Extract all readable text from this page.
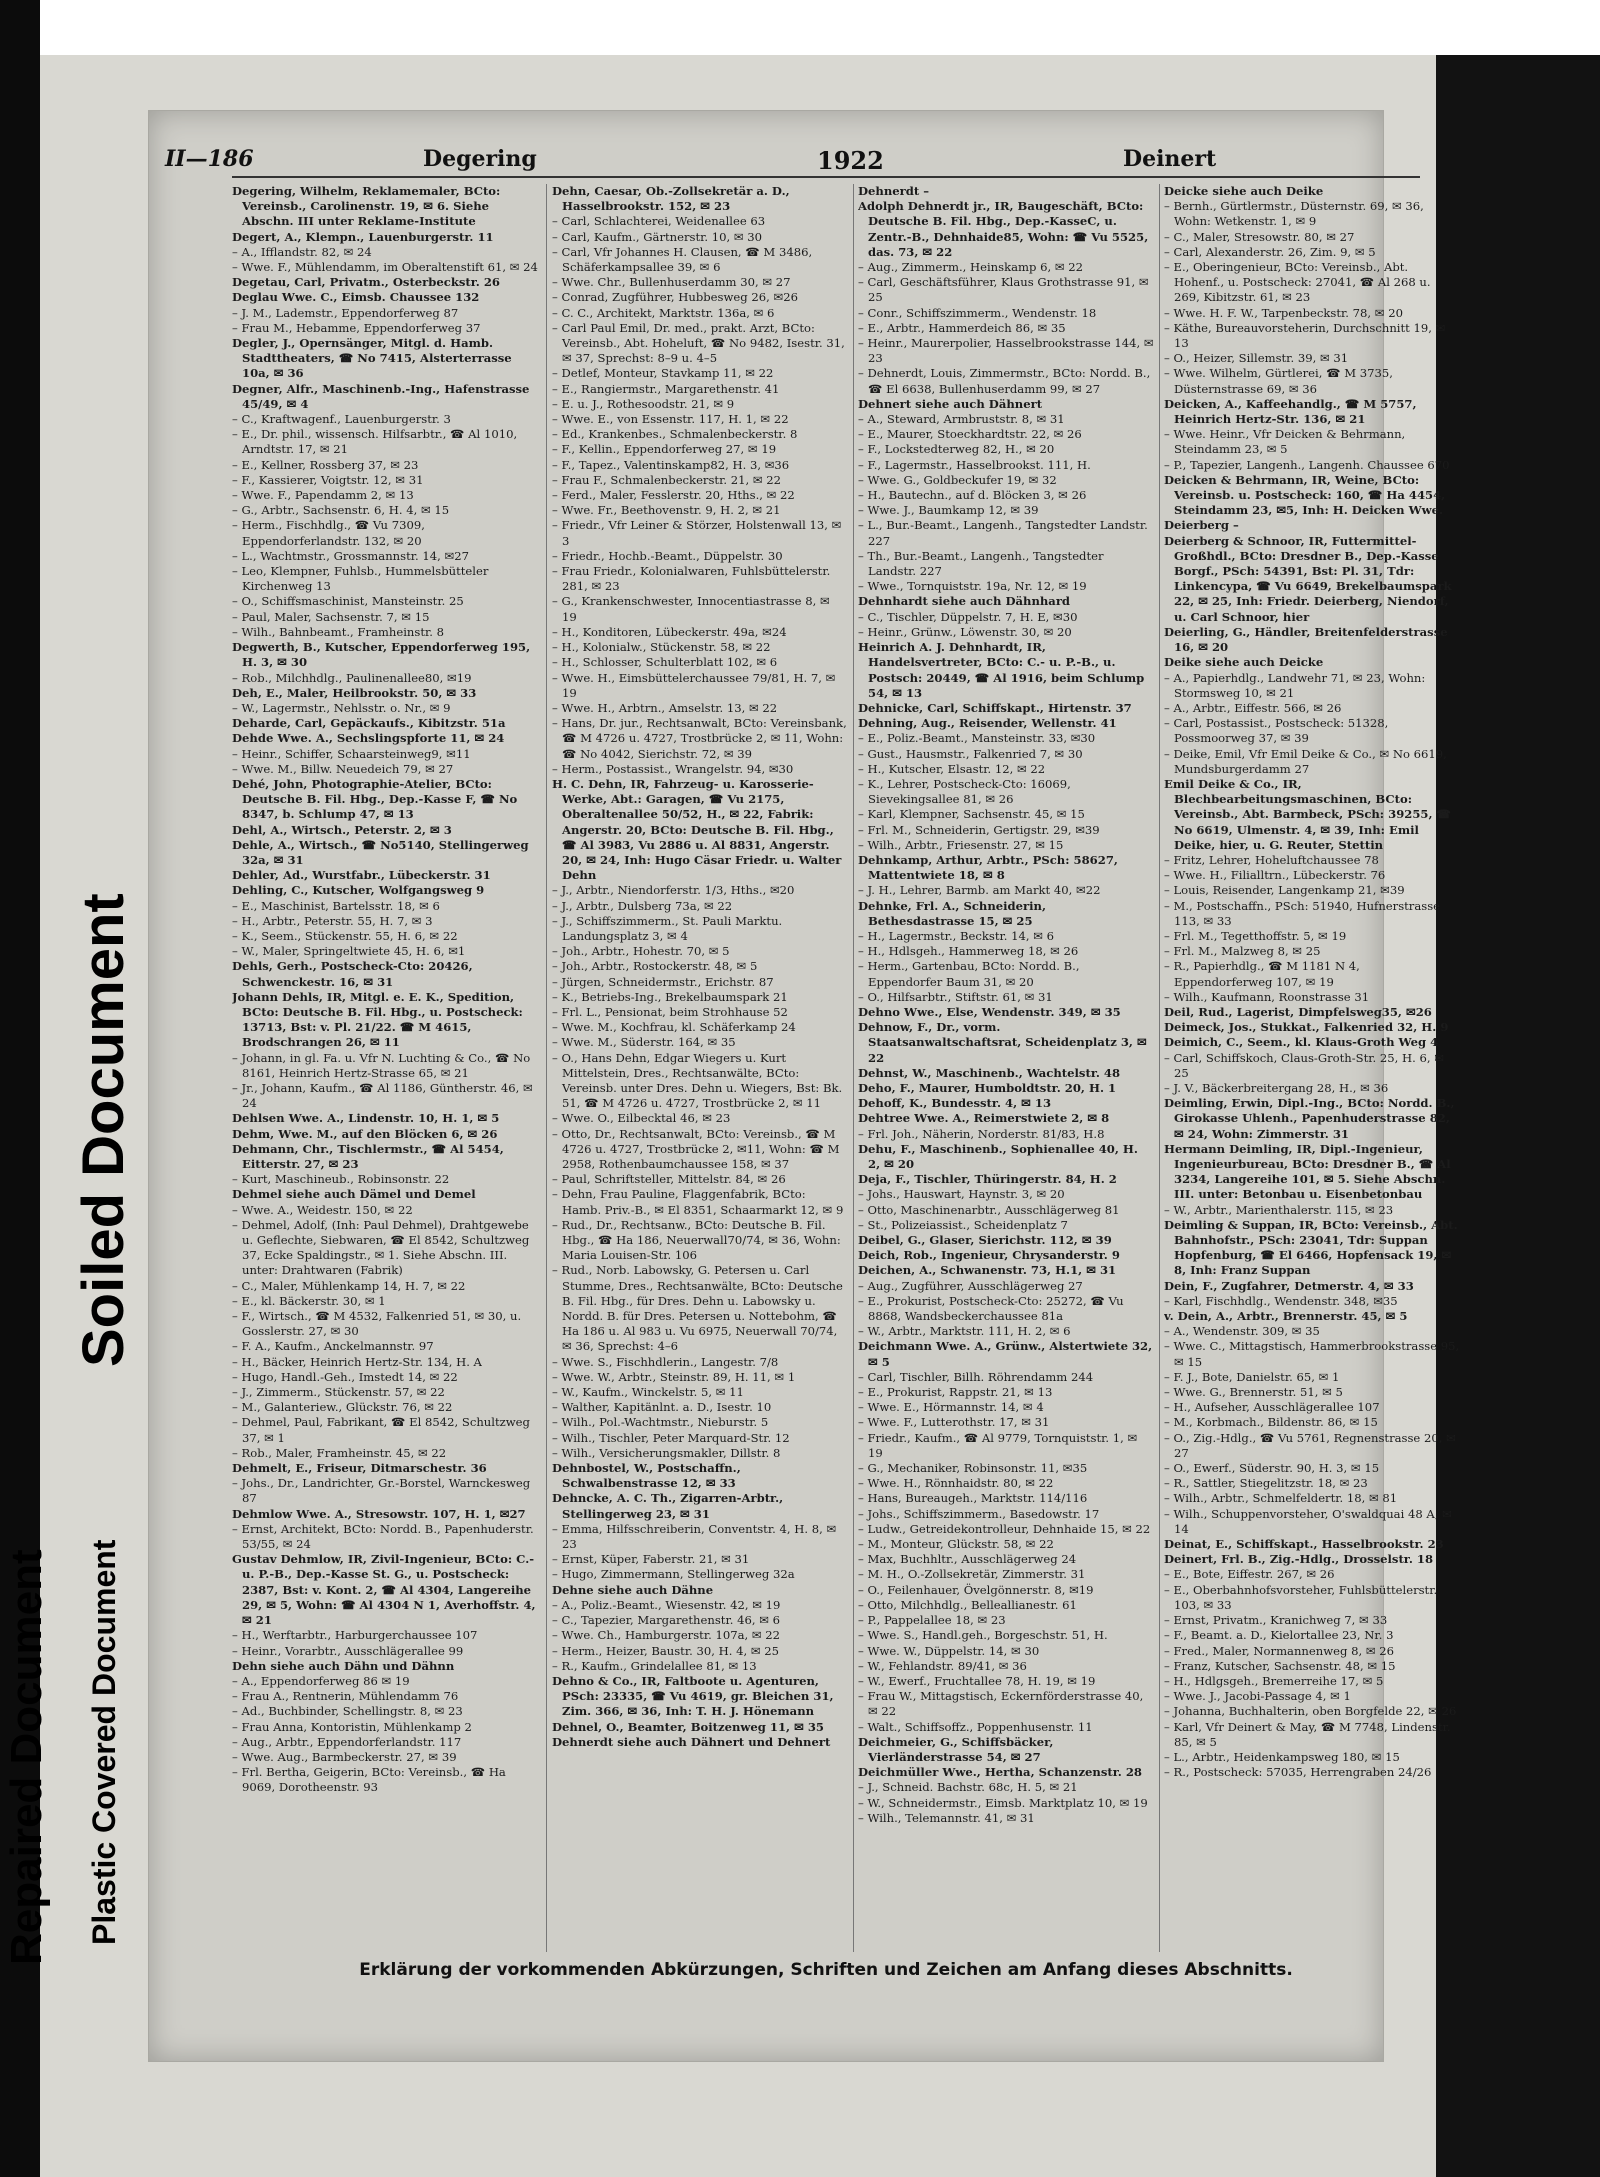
Repaired Document Plastic Covered Document
Soiled Document
II—186	Degering	1922	Deinert

Degering, Wilhelm, Reklamemaler, BCto: Vereinsb., Carolinenstr. 19, ✉ 6. Siehe Abschn. III unter Reklame-Institute

Degert, A., Klempn., Lauenburgerstr. 11

– A., Ifflandstr. 82, ✉ 24

– Wwe. F., Mühlendamm, im Oberaltenstift 61, ✉ 24

Degetau, Carl, Privatm., Osterbeckstr. 26

Deglau Wwe. C., Eimsb. Chaussee 132

– J. M., Lademstr., Eppendorferweg 87

– Frau M., Hebamme, Eppendorferweg 37

Degler, J., Opernsänger, Mitgl. d. Hamb. Stadttheaters, ☎ No 7415, Alsterterrasse 10a, ✉ 36

Degner, Alfr., Maschinenb.-Ing., Hafenstrasse 45/49, ✉ 4

– C., Kraftwagenf., Lauenburgerstr. 3

– E., Dr. phil., wissensch. Hilfsarbtr., ☎ Al 1010, Arndtstr. 17, ✉ 21

– E., Kellner, Rossberg 37, ✉ 23

– F., Kassierer, Voigtstr. 12, ✉ 31

– Wwe. F., Papendamm 2, ✉ 13

– G., Arbtr., Sachsenstr. 6, H. 4, ✉ 15

– Herm., Fischhdlg., ☎ Vu 7309, Eppendorferlandstr. 132, ✉ 20

– L., Wachtmstr., Grossmannstr. 14, ✉27

– Leo, Klempner, Fuhlsb., Hummelsbütteler Kirchenweg 13

– O., Schiffsmaschinist, Mansteinstr. 25

– Paul, Maler, Sachsenstr. 7, ✉ 15

– Wilh., Bahnbeamt., Framheinstr. 8

Degwerth, B., Kutscher, Eppendorferweg 195, H. 3, ✉ 30

– Rob., Milchhdlg., Paulinenallee80, ✉19

Deh, E., Maler, Heilbrookstr. 50, ✉ 33

– W., Lagermstr., Nehlsstr. o. Nr., ✉ 9

Deharde, Carl, Gepäckaufs., Kibitzstr. 51a

Dehde Wwe. A., Sechslingspforte 11, ✉ 24

– Heinr., Schiffer, Schaarsteinweg9, ✉11

– Wwe. M., Billw. Neuedeich 79, ✉ 27

Dehé, John, Photographie-Atelier, BCto: Deutsche B. Fil. Hbg., Dep.-Kasse F, ☎ No 8347, b. Schlump 47, ✉ 13

Dehl, A., Wirtsch., Peterstr. 2, ✉ 3

Dehle, A., Wirtsch., ☎ No5140, Stellingerweg 32a, ✉ 31

Dehler, Ad., Wurstfabr., Lübeckerstr. 31

Dehling, C., Kutscher, Wolfgangsweg 9

– E., Maschinist, Bartelsstr. 18, ✉ 6

– H., Arbtr., Peterstr. 55, H. 7, ✉ 3

– K., Seem., Stückenstr. 55, H. 6, ✉ 22

– W., Maler, Springeltwiete 45, H. 6, ✉1

Dehls, Gerh., Postscheck-Cto: 20426, Schwenckestr. 16, ✉ 31

Johann Dehls, IR, Mitgl. e. E. K., Spedition, BCto: Deutsche B. Fil. Hbg., u. Postscheck: 13713, Bst: v. Pl. 21/22. ☎ M 4615, Brodschrangen 26, ✉ 11

– Johann, in gl. Fa. u. Vfr N. Luchting & Co., ☎ No 8161, Heinrich Hertz-Strasse 65, ✉ 21

– Jr., Johann, Kaufm., ☎ Al 1186, Güntherstr. 46, ✉ 24

Dehlsen Wwe. A., Lindenstr. 10, H. 1, ✉ 5

Dehm, Wwe. M., auf den Blöcken 6, ✉ 26

Dehmann, Chr., Tischlermstr., ☎ Al 5454, Eitterstr. 27, ✉ 23

– Kurt, Maschineub., Robinsonstr. 22

Dehmel siehe auch Dämel und Demel

– Wwe. A., Weidestr. 150, ✉ 22

– Dehmel, Adolf, (Inh: Paul Dehmel), Drahtgewebe u. Geflechte, Siebwaren, ☎ El 8542, Schultzweg 37, Ecke Spaldingstr., ✉ 1. Siehe Abschn. III. unter: Drahtwaren (Fabrik)

– C., Maler, Mühlenkamp 14, H. 7, ✉ 22

– E., kl. Bäckerstr. 30, ✉ 1

– F., Wirtsch., ☎ M 4532, Falkenried 51, ✉ 30, u. Gosslerstr. 27, ✉ 30

– F. A., Kaufm., Anckelmannstr. 97

– H., Bäcker, Heinrich Hertz-Str. 134, H. A

– Hugo, Handl.-Geh., Imstedt 14, ✉ 22

– J., Zimmerm., Stückenstr. 57, ✉ 22

– M., Galanteriew., Glückstr. 76, ✉ 22

– Dehmel, Paul, Fabrikant, ☎ El 8542, Schultzweg 37, ✉ 1

– Rob., Maler, Framheinstr. 45, ✉ 22

Dehmelt, E., Friseur, Ditmarschestr. 36

– Johs., Dr., Landrichter, Gr.-Borstel, Warnckesweg 87

Dehmlow Wwe. A., Stresowstr. 107, H. 1, ✉27

– Ernst, Architekt, BCto: Nordd. B., Papenhuderstr. 53/55, ✉ 24

Gustav Dehmlow, IR, Zivil-Ingenieur, BCto: C.- u. P.-B., Dep.-Kasse St. G., u. Postscheck: 2387, Bst: v. Kont. 2, ☎ Al 4304, Langereihe 29, ✉ 5, Wohn: ☎ Al 4304 N 1, Averhoffstr. 4, ✉ 21

– H., Werftarbtr., Harburgerchaussee 107

– Heinr., Vorarbtr., Ausschlägerallee 99

Dehn siehe auch Dähn und Dähnn

– A., Eppendorferweg 86 ✉ 19

– Frau A., Rentnerin, Mühlendamm 76

– Ad., Buchbinder, Schellingstr. 8, ✉ 23

– Frau Anna, Kontoristin, Mühlenkamp 2

– Aug., Arbtr., Eppendorferlandstr. 117

– Wwe. Aug., Barmbeckerstr. 27, ✉ 39

– Frl. Bertha, Geigerin, BCto: Vereinsb., ☎ Ha 9069, Dorotheenstr. 93

Dehn, Caesar, Ob.-Zollsekretär a. D., Hasselbrookstr. 152, ✉ 23

– Carl, Schlachterei, Weidenallee 63

– Carl, Kaufm., Gärtnerstr. 10, ✉ 30

– Carl, Vfr Johannes H. Clausen, ☎ M 3486, Schäferkampsallee 39, ✉ 6

– Wwe. Chr., Bullenhuserdamm 30, ✉ 27

– Conrad, Zugführer, Hubbesweg 26, ✉26

– C. C., Architekt, Marktstr. 136a, ✉ 6

– Carl Paul Emil, Dr. med., prakt. Arzt, BCto: Vereinsb., Abt. Hoheluft, ☎ No 9482, Isestr. 31, ✉ 37, Sprechst: 8–9 u. 4–5

– Detlef, Monteur, Stavkamp 11, ✉ 22

– E., Rangiermstr., Margarethenstr. 41

– E. u. J., Rothesoodstr. 21, ✉ 9

– Wwe. E., von Essenstr. 117, H. 1, ✉ 22

– Ed., Krankenbes., Schmalenbeckerstr. 8

– F., Kellin., Eppendorferweg 27, ✉ 19

– F., Tapez., Valentinskamp82, H. 3, ✉36

– Frau F., Schmalenbeckerstr. 21, ✉ 22

– Ferd., Maler, Fesslerstr. 20, Hths., ✉ 22

– Wwe. Fr., Beethovenstr. 9, H. 2, ✉ 21

– Friedr., Vfr Leiner & Störzer, Holstenwall 13, ✉ 3

– Friedr., Hochb.-Beamt., Düppelstr. 30

– Frau Friedr., Kolonialwaren, Fuhlsbüttelerstr. 281, ✉ 23

– G., Krankenschwester, Innocentiastrasse 8, ✉ 19

– H., Konditoren, Lübeckerstr. 49a, ✉24

– H., Kolonialw., Stückenstr. 58, ✉ 22

– H., Schlosser, Schulterblatt 102, ✉ 6

– Wwe. H., Eimsbüttelerchaussee 79/81, H. 7, ✉ 19

– Wwe. H., Arbtrn., Amselstr. 13, ✉ 22

– Hans, Dr. jur., Rechtsanwalt, BCto: Vereinsbank, ☎ M 4726 u. 4727, Trostbrücke 2, ✉ 11, Wohn: ☎ No 4042, Sierichstr. 72, ✉ 39

– Herm., Postassist., Wrangelstr. 94, ✉30

H. C. Dehn, IR, Fahrzeug- u. Karosserie-Werke, Abt.: Garagen, ☎ Vu 2175, Oberaltenallee 50/52, H., ✉ 22, Fabrik: Angerstr. 20, BCto: Deutsche B. Fil. Hbg., ☎ Al 3983, Vu 2886 u. Al 8831, Angerstr. 20, ✉ 24, Inh: Hugo Cäsar Friedr. u. Walter Dehn

– J., Arbtr., Niendorferstr. 1/3, Hths., ✉20

– J., Arbtr., Dulsberg 73a, ✉ 22

– J., Schiffszimmerm., St. Pauli Marktu. Landungsplatz 3, ✉ 4

– Joh., Arbtr., Hohestr. 70, ✉ 5

– Joh., Arbtr., Rostockerstr. 48, ✉ 5

– Jürgen, Schneidermstr., Erichstr. 87

– K., Betriebs-Ing., Brekelbaumspark 21

– Frl. L., Pensionat, beim Strohhause 52

– Wwe. M., Kochfrau, kl. Schäferkamp 24

– Wwe. M., Süderstr. 164, ✉ 35

– O., Hans Dehn, Edgar Wiegers u. Kurt Mittelstein, Dres., Rechtsanwälte, BCto: Vereinsb. unter Dres. Dehn u. Wiegers, Bst: Bk. 51, ☎ M 4726 u. 4727, Trostbrücke 2, ✉ 11

– Wwe. O., Eilbecktal 46, ✉ 23

– Otto, Dr., Rechtsanwalt, BCto: Vereinsb., ☎ M 4726 u. 4727, Trostbrücke 2, ✉11, Wohn: ☎ M 2958, Rothenbaumchaussee 158, ✉ 37

– Paul, Schriftsteller, Mittelstr. 84, ✉ 26

– Dehn, Frau Pauline, Flaggenfabrik, BCto: Hamb. Priv.-B., ✉ El 8351, Schaarmarkt 12, ✉ 9

– Rud., Dr., Rechtsanw., BCto: Deutsche B. Fil. Hbg., ☎ Ha 186, Neuerwall70/74, ✉ 36, Wohn: Maria Louisen-Str. 106

– Rud., Norb. Labowsky, G. Petersen u. Carl Stumme, Dres., Rechtsanwälte, BCto: Deutsche B. Fil. Hbg., für Dres. Dehn u. Labowsky u. Nordd. B. für Dres. Petersen u. Nottebohm, ☎ Ha 186 u. Al 983 u. Vu 6975, Neuerwall 70/74, ✉ 36, Sprechst: 4–6

– Wwe. S., Fischhdlerin., Langestr. 7/8

– Wwe. W., Arbtr., Steinstr. 89, H. 11, ✉ 1

– W., Kaufm., Winckelstr. 5, ✉ 11

– Walther, Kapitänlnt. a. D., Isestr. 10

– Wilh., Pol.-Wachtmstr., Nieburstr. 5

– Wilh., Tischler, Peter Marquard-Str. 12

– Wilh., Versicherungsmakler, Dillstr. 8

Dehnbostel, W., Postschaffn., Schwalbenstrasse 12, ✉ 33

Dehncke, A. C. Th., Zigarren-Arbtr., Stellingerweg 23, ✉ 31

– Emma, Hilfsschreiberin, Conventstr. 4, H. 8, ✉ 23

– Ernst, Küper, Faberstr. 21, ✉ 31

– Hugo, Zimmermann, Stellingerweg 32a

Dehne siehe auch Dähne

– A., Poliz.-Beamt., Wiesenstr. 42, ✉ 19

– C., Tapezier, Margarethenstr. 46, ✉ 6

– Wwe. Ch., Hamburgerstr. 107a, ✉ 22

– Herm., Heizer, Baustr. 30, H. 4, ✉ 25

– R., Kaufm., Grindelallee 81, ✉ 13

Dehno & Co., IR, Faltboote u. Agenturen, PSch: 23335, ☎ Vu 4619, gr. Bleichen 31, Zim. 366, ✉ 36, Inh: T. H. J. Hönemann

Dehnel, O., Beamter, Boitzenweg 11, ✉ 35

Dehnerdt siehe auch Dähnert und Dehnert

Dehnerdt –

Adolph Dehnerdt jr., IR, Baugeschäft, BCto: Deutsche B. Fil. Hbg., Dep.-KasseC, u. Zentr.-B., Dehnhaide85, Wohn: ☎ Vu 5525, das. 73, ✉ 22

– Aug., Zimmerm., Heinskamp 6, ✉ 22

– Carl, Geschäftsführer, Klaus Grothstrasse 91, ✉ 25

– Conr., Schiffszimmerm., Wendenstr. 18

– E., Arbtr., Hammerdeich 86, ✉ 35

– Heinr., Maurerpolier, Hasselbrookstrasse 144, ✉ 23

– Dehnerdt, Louis, Zimmermstr., BCto: Nordd. B., ☎ El 6638, Bullenhuserdamm 99, ✉ 27

Dehnert siehe auch Dähnert

– A., Steward, Armbruststr. 8, ✉ 31

– E., Maurer, Stoeckhardtstr. 22, ✉ 26

– F., Lockstedterweg 82, H., ✉ 20

– F., Lagermstr., Hasselbrookst. 111, H.

– Wwe. G., Goldbeckufer 19, ✉ 32

– H., Bautechn., auf d. Blöcken 3, ✉ 26

– Wwe. J., Baumkamp 12, ✉ 39

– L., Bur.-Beamt., Langenh., Tangstedter Landstr. 227

– Th., Bur.-Beamt., Langenh., Tangstedter Landstr. 227

– Wwe., Tornquiststr. 19a, Nr. 12, ✉ 19

Dehnhardt siehe auch Dähnhard

– C., Tischler, Düppelstr. 7, H. E, ✉30

– Heinr., Grünw., Löwenstr. 30, ✉ 20

Heinrich A. J. Dehnhardt, IR, Handelsvertreter, BCto: C.- u. P.-B., u. Postsch: 20449, ☎ Al 1916, beim Schlump 54, ✉ 13

Dehnicke, Carl, Schiffskapt., Hirtenstr. 37

Dehning, Aug., Reisender, Wellenstr. 41

– E., Poliz.-Beamt., Mansteinstr. 33, ✉30

– Gust., Hausmstr., Falkenried 7, ✉ 30

– H., Kutscher, Elsastr. 12, ✉ 22

– K., Lehrer, Postscheck-Cto: 16069, Sievekingsallee 81, ✉ 26

– Karl, Klempner, Sachsenstr. 45, ✉ 15

– Frl. M., Schneiderin, Gertigstr. 29, ✉39

– Wilh., Arbtr., Friesenstr. 27, ✉ 15

Dehnkamp, Arthur, Arbtr., PSch: 58627, Mattentwiete 18, ✉ 8

– J. H., Lehrer, Barmb. am Markt 40, ✉22

Dehnke, Frl. A., Schneiderin, Bethesdastrasse 15, ✉ 25

– H., Lagermstr., Beckstr. 14, ✉ 6

– H., Hdlsgeh., Hammerweg 18, ✉ 26

– Herm., Gartenbau, BCto: Nordd. B., Eppendorfer Baum 31, ✉ 20

– O., Hilfsarbtr., Stiftstr. 61, ✉ 31

Dehno Wwe., Else, Wendenstr. 349, ✉ 35

Dehnow, F., Dr., vorm. Staatsanwaltschaftsrat, Scheidenplatz 3, ✉ 22

Dehnst, W., Maschinenb., Wachtelstr. 48

Deho, F., Maurer, Humboldtstr. 20, H. 1

Dehoff, K., Bundesstr. 4, ✉ 13

Dehtree Wwe. A., Reimerstwiete 2, ✉ 8

– Frl. Joh., Näherin, Norderstr. 81/83, H.8

Dehu, F., Maschinenb., Sophienallee 40, H. 2, ✉ 20

Deja, F., Tischler, Thüringerstr. 84, H. 2

– Johs., Hauswart, Haynstr. 3, ✉ 20

– Otto, Maschinenarbtr., Ausschlägerweg 81

– St., Polizeiassist., Scheidenplatz 7

Deibel, G., Glaser, Sierichstr. 112, ✉ 39

Deich, Rob., Ingenieur, Chrysanderstr. 9

Deichen, A., Schwanenstr. 73, H.1, ✉ 31

– Aug., Zugführer, Ausschlägerweg 27

– E., Prokurist, Postscheck-Cto: 25272, ☎ Vu 8868, Wandsbeckerchaussee 81a

– W., Arbtr., Marktstr. 111, H. 2, ✉ 6

Deichmann Wwe. A., Grünw., Alstertwiete 32, ✉ 5

– Carl, Tischler, Billh. Röhrendamm 244

– E., Prokurist, Rappstr. 21, ✉ 13

– Wwe. E., Hörmannstr. 14, ✉ 4

– Wwe. F., Lutterothstr. 17, ✉ 31

– Friedr., Kaufm., ☎ Al 9779, Tornquiststr. 1, ✉ 19

– G., Mechaniker, Robinsonstr. 11, ✉35

– Wwe. H., Rönnhaidstr. 80, ✉ 22

– Hans, Bureaugeh., Marktstr. 114/116

– Johs., Schiffszimmerm., Basedowstr. 17

– Ludw., Getreidekontrolleur, Dehnhaide 15, ✉ 22

– M., Monteur, Glückstr. 58, ✉ 22

– Max, Buchhltr., Ausschlägerweg 24

– M. H., O.-Zollsekretär, Zimmerstr. 31

– O., Feilenhauer, Övelgönnerstr. 8, ✉19

– Otto, Milchhdlg., Belleallianestr. 61

– P., Pappelallee 18, ✉ 23

– Wwe. S., Handl.geh., Borgeschstr. 51, H.

– Wwe. W., Düppelstr. 14, ✉ 30

– W., Fehlandstr. 89/41, ✉ 36

– W., Ewerf., Fruchtallee 78, H. 19, ✉ 19

– Frau W., Mittagstisch, Eckernförderstrasse 40, ✉ 22

– Walt., Schiffsoffz., Poppenhusenstr. 11

Deichmeier, G., Schiffsbäcker, Vierländerstrasse 54, ✉ 27

Deichmüller Wwe., Hertha, Schanzenstr. 28

– J., Schneid. Bachstr. 68c, H. 5, ✉ 21

– W., Schneidermstr., Eimsb. Marktplatz 10, ✉ 19

– Wilh., Telemannstr. 41, ✉ 31

Deicke siehe auch Deike

– Bernh., Gürtlermstr., Düsternstr. 69, ✉ 36, Wohn: Wetkenstr. 1, ✉ 9

– C., Maler, Stresowstr. 80, ✉ 27

– Carl, Alexanderstr. 26, Zim. 9, ✉ 5

– E., Oberingenieur, BCto: Vereinsb., Abt. Hohenf., u. Postscheck: 27041, ☎ Al 268 u. 269, Kibitzstr. 61, ✉ 23

– Wwe. H. F. W., Tarpenbeckstr. 78, ✉ 20

– Käthe, Bureauvorsteherin, Durchschnitt 19, ✉ 13

– O., Heizer, Sillemstr. 39, ✉ 31

– Wwe. Wilhelm, Gürtlerei, ☎ M 3735, Düsternstrasse 69, ✉ 36

Deicken, A., Kaffeehandlg., ☎ M 5757, Heinrich Hertz-Str. 136, ✉ 21

– Wwe. Heinr., Vfr Deicken & Behrmann, Steindamm 23, ✉ 5

– P., Tapezier, Langenh., Langenh. Chaussee 670

Deicken & Behrmann, IR, Weine, BCto: Vereinsb. u. Postscheck: 160, ☎ Ha 4454, Steindamm 23, ✉5, Inh: H. Deicken Wwe.

Deierberg –

Deierberg & Schnoor, IR, Futtermittel-Großhdl., BCto: Dresdner B., Dep.-Kasse Borgf., PSch: 54391, Bst: Pl. 31, Tdr: Linkencypa, ☎ Vu 6649, Brekelbaumspark 22, ✉ 25, Inh: Friedr. Deierberg, Niendorf, u. Carl Schnoor, hier

Deierling, G., Händler, Breitenfelderstrasse 16, ✉ 20

Deike siehe auch Deicke

– A., Papierhdlg., Landwehr 71, ✉ 23, Wohn: Stormsweg 10, ✉ 21

– A., Arbtr., Eiffestr. 566, ✉ 26

– Carl, Postassist., Postscheck: 51328, Possmoorweg 37, ✉ 39

– Deike, Emil, Vfr Emil Deike & Co., ✉ No 6619, Mundsburgerdamm 27

Emil Deike & Co., IR, Blechbearbeitungsmaschinen, BCto: Vereinsb., Abt. Barmbeck, PSch: 39255, ☎ No 6619, Ulmenstr. 4, ✉ 39, Inh: Emil Deike, hier, u. G. Reuter, Stettin

– Fritz, Lehrer, Hoheluftchaussee 78

– Wwe. H., Filialltrn., Lübeckerstr. 76

– Louis, Reisender, Langenkamp 21, ✉39

– M., Postschaffn., PSch: 51940, Hufnerstrasse 113, ✉ 33

– Frl. M., Tegetthoffstr. 5, ✉ 19

– Frl. M., Malzweg 8, ✉ 25

– R., Papierhdlg., ☎ M 1181 N 4, Eppendorferweg 107, ✉ 19

– Wilh., Kaufmann, Roonstrasse 31

Deil, Rud., Lagerist, Dimpfelsweg35, ✉26

Deimeck, Jos., Stukkat., Falkenried 32, H. 9

Deimich, C., Seem., kl. Klaus-Groth Weg 4

– Carl, Schiffskoch, Claus-Groth-Str. 25, H. 6, ✉ 25

– J. V., Bäckerbreitergang 28, H., ✉ 36

Deimling, Erwin, Dipl.-Ing., BCto: Nordd. B., Girokasse Uhlenh., Papenhuderstrasse 82, ✉ 24, Wohn: Zimmerstr. 31

Hermann Deimling, IR, Dipl.-Ingenieur, Ingenieurbureau, BCto: Dresdner B., ☎ Al 3234, Langereihe 101, ✉ 5. Siehe Abschn. III. unter: Betonbau u. Eisenbetonbau

– W., Arbtr., Marienthalerstr. 115, ✉ 23

Deimling & Suppan, IR, BCto: Vereinsb., Abt. Bahnhofstr., PSch: 23041, Tdr: Suppan Hopfenburg, ☎ El 6466, Hopfensack 19, ✉ 8, Inh: Franz Suppan

Dein, F., Zugfahrer, Detmerstr. 4, ✉ 33

– Karl, Fischhdlg., Wendenstr. 348, ✉35

v. Dein, A., Arbtr., Brennerstr. 45, ✉ 5

– A., Wendenstr. 309, ✉ 35

– Wwe. C., Mittagstisch, Hammerbrookstrasse 95, ✉ 15

– F. J., Bote, Danielstr. 65, ✉ 1

– Wwe. G., Brennerstr. 51, ✉ 5

– H., Aufseher, Ausschlägerallee 107

– M., Korbmach., Bildenstr. 86, ✉ 15

– O., Zig.-Hdlg., ☎ Vu 5761, Regnenstrasse 20, ✉ 27

– O., Ewerf., Süderstr. 90, H. 3, ✉ 15

– R., Sattler, Stiegelitzstr. 18, ✉ 23

– Wilh., Arbtr., Schmelfeldertr. 18, ✉ 81

– Wilh., Schuppenvorsteher, O'swaldquai 48 A, ✉ 14

Deinat, E., Schiffskapt., Hasselbrookstr. 23

Deinert, Frl. B., Zig.-Hdlg., Drosselstr. 18

– E., Bote, Eiffestr. 267, ✉ 26

– E., Oberbahnhofsvorsteher, Fuhlsbüttelerstr. 103, ✉ 33

– Ernst, Privatm., Kranichweg 7, ✉ 33

– F., Beamt. a. D., Kielortallee 23, Nr. 3

– Fred., Maler, Normannenweg 8, ✉ 26

– Franz, Kutscher, Sachsenstr. 48, ✉ 15

– H., Hdlgsgeh., Bremerreihe 17, ✉ 5

– Wwe. J., Jacobi-Passage 4, ✉ 1

– Johanna, Buchhalterin, oben Borgfelde 22, ✉ 26

– Karl, Vfr Deinert & May, ☎ M 7748, Lindenstr. 85, ✉ 5

– L., Arbtr., Heidenkampsweg 180, ✉ 15

– R., Postscheck: 57035, Herrengraben 24/26

Erklärung der vorkommenden Abkürzungen, Schriften und Zeichen am Anfang dieses Abschnitts.
